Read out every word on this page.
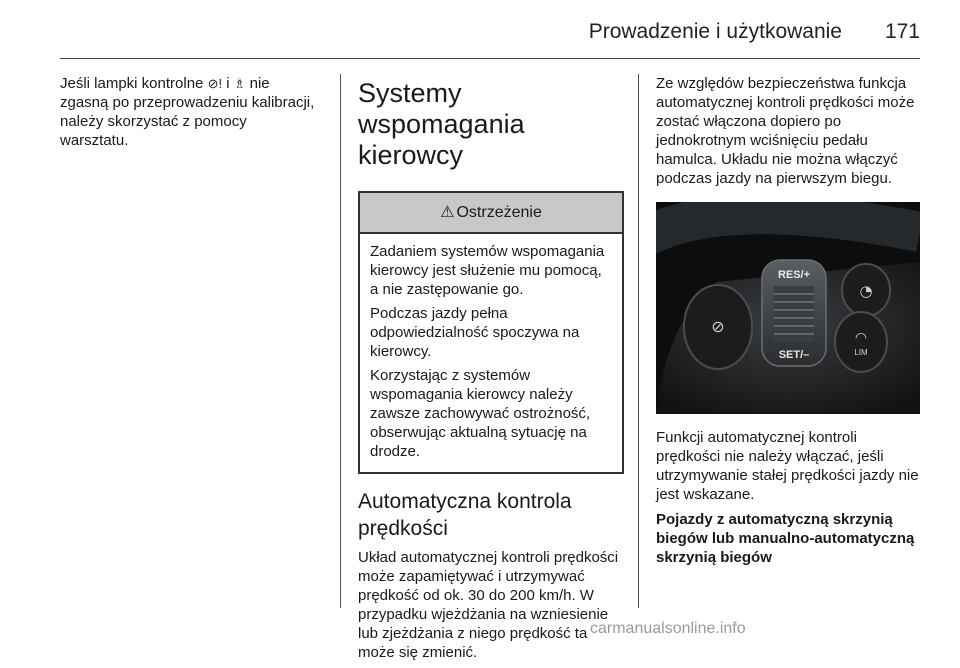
Prowadzenie i użytkowanie 171

Jeśli lampki kontrolne ⊘! i ♗ nie zgasną po przeprowadzeniu kalibracji, należy skorzystać z pomocy warsztatu.

Systemy wspomagania kierowcy
⚠ Ostrzeżenie

Zadaniem systemów wspomagania kierowcy jest służenie mu pomocą, a nie zastępowanie go.

Podczas jazdy pełna odpowiedzialność spoczywa na kierowcy.

Korzystając z systemów wspomagania kierowcy należy zawsze zachowywać ostrożność, obserwując aktualną sytuację na drodze.

Automatyczna kontrola prędkości

Układ automatycznej kontroli prędkości może zapamiętywać i utrzymywać prędkość od ok. 30 do 200 km/h. W przypadku wjeżdżania na wzniesienie lub zjeżdżania z niego prędkość ta może się zmienić.

Ze względów bezpieczeństwa funkcja automatycznej kontroli prędkości może zostać włączona dopiero po jednokrotnym wciśnięciu pedału hamulca. Układu nie można włączyć podczas jazdy na pierwszym biegu.

⊘
RES/+
SET/–
◔
◠
LIM

Funkcji automatycznej kontroli prędkości nie należy włączać, jeśli utrzymywanie stałej prędkości jazdy nie jest wskazane.

Pojazdy z automatyczną skrzynią biegów lub manualno-automatyczną skrzynią biegów

carmanualsonline.info
